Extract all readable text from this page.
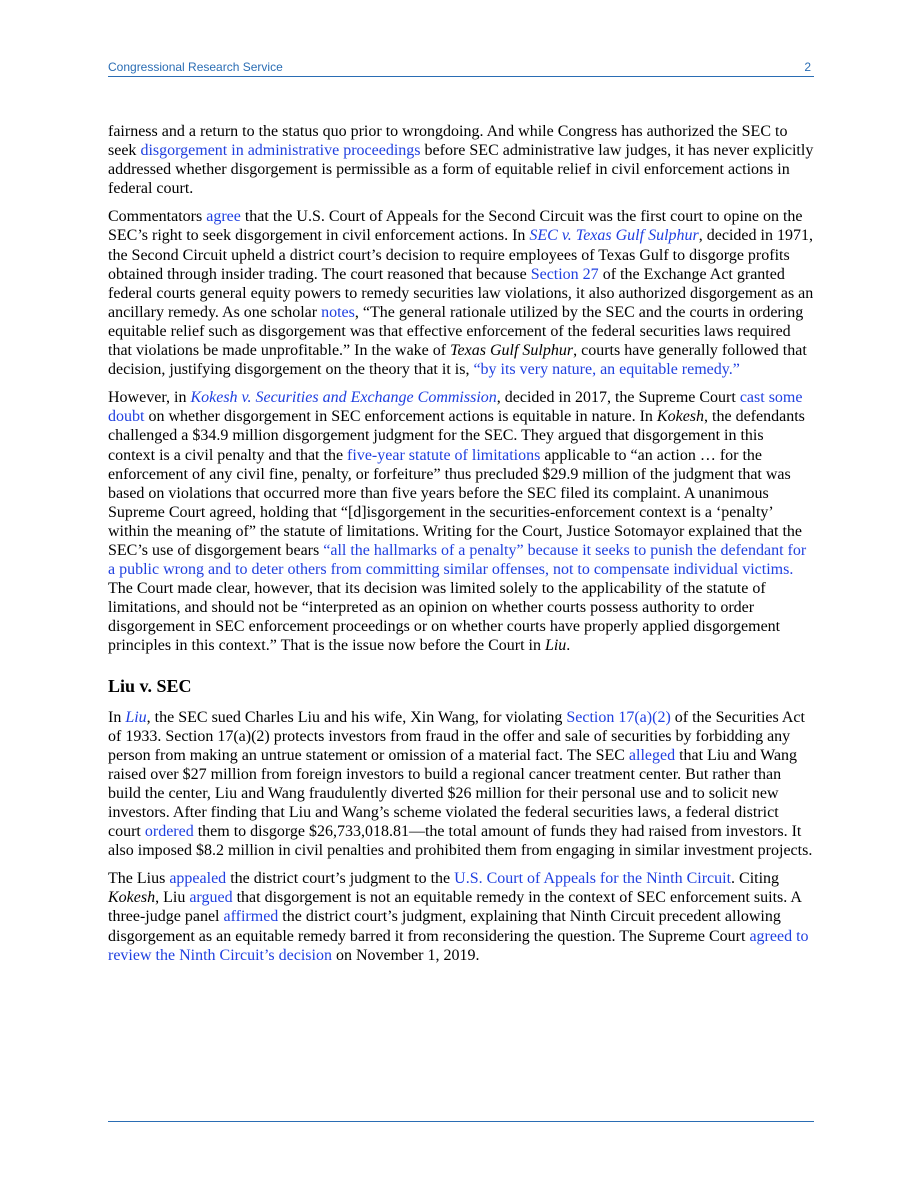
Congressional Research Service	2

fairness and a return to the status quo prior to wrongdoing. And while Congress has authorized the SEC to seek disgorgement in administrative proceedings before SEC administrative law judges, it has never explicitly addressed whether disgorgement is permissible as a form of equitable relief in civil enforcement actions in federal court.

Commentators agree that the U.S. Court of Appeals for the Second Circuit was the first court to opine on the SEC’s right to seek disgorgement in civil enforcement actions. In SEC v. Texas Gulf Sulphur, decided in 1971, the Second Circuit upheld a district court’s decision to require employees of Texas Gulf to disgorge profits obtained through insider trading. The court reasoned that because Section 27 of the Exchange Act granted federal courts general equity powers to remedy securities law violations, it also authorized disgorgement as an ancillary remedy. As one scholar notes, “The general rationale utilized by the SEC and the courts in ordering equitable relief such as disgorgement was that effective enforcement of the federal securities laws required that violations be made unprofitable.” In the wake of Texas Gulf Sulphur, courts have generally followed that decision, justifying disgorgement on the theory that it is, “by its very nature, an equitable remedy.”

However, in Kokesh v. Securities and Exchange Commission, decided in 2017, the Supreme Court cast some doubt on whether disgorgement in SEC enforcement actions is equitable in nature. In Kokesh, the defendants challenged a $34.9 million disgorgement judgment for the SEC. They argued that disgorgement in this context is a civil penalty and that the five-year statute of limitations applicable to “an action … for the enforcement of any civil fine, penalty, or forfeiture” thus precluded $29.9 million of the judgment that was based on violations that occurred more than five years before the SEC filed its complaint. A unanimous Supreme Court agreed, holding that “[d]isgorgement in the securities-enforcement context is a ‘penalty’ within the meaning of” the statute of limitations. Writing for the Court, Justice Sotomayor explained that the SEC’s use of disgorgement bears “all the hallmarks of a penalty” because it seeks to punish the defendant for a public wrong and to deter others from committing similar offenses, not to compensate individual victims. The Court made clear, however, that its decision was limited solely to the applicability of the statute of limitations, and should not be “interpreted as an opinion on whether courts possess authority to order disgorgement in SEC enforcement proceedings or on whether courts have properly applied disgorgement principles in this context.” That is the issue now before the Court in Liu.

Liu v. SEC

In Liu, the SEC sued Charles Liu and his wife, Xin Wang, for violating Section 17(a)(2) of the Securities Act of 1933. Section 17(a)(2) protects investors from fraud in the offer and sale of securities by forbidding any person from making an untrue statement or omission of a material fact. The SEC alleged that Liu and Wang raised over $27 million from foreign investors to build a regional cancer treatment center. But rather than build the center, Liu and Wang fraudulently diverted $26 million for their personal use and to solicit new investors. After finding that Liu and Wang’s scheme violated the federal securities laws, a federal district court ordered them to disgorge $26,733,018.81—the total amount of funds they had raised from investors. It also imposed $8.2 million in civil penalties and prohibited them from engaging in similar investment projects.

The Lius appealed the district court’s judgment to the U.S. Court of Appeals for the Ninth Circuit. Citing Kokesh, Liu argued that disgorgement is not an equitable remedy in the context of SEC enforcement suits. A three-judge panel affirmed the district court’s judgment, explaining that Ninth Circuit precedent allowing disgorgement as an equitable remedy barred it from reconsidering the question. The Supreme Court agreed to review the Ninth Circuit’s decision on November 1, 2019.
